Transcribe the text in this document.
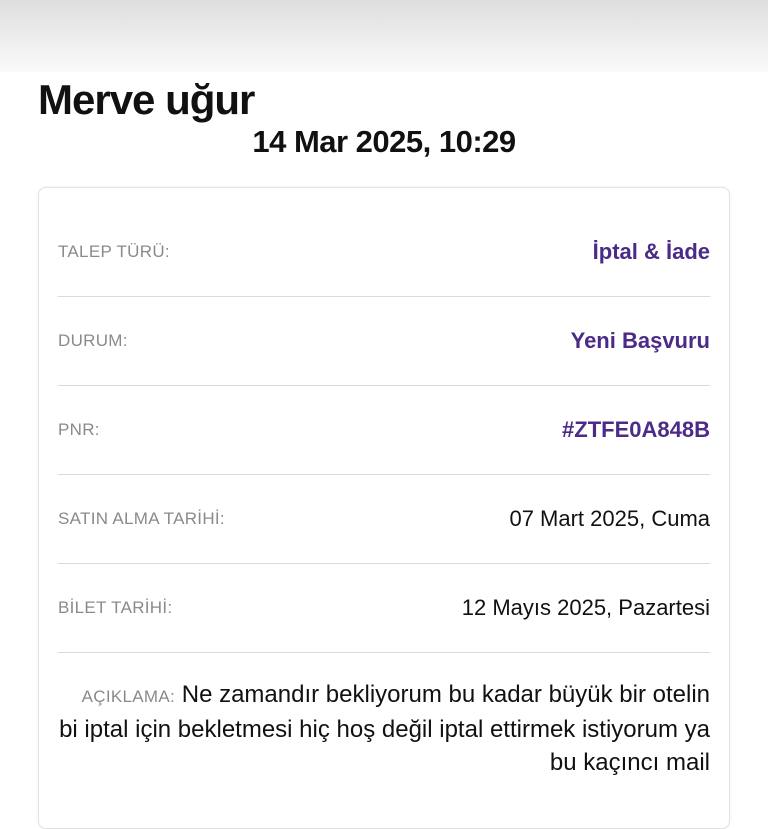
Merve uğur
14 Mar 2025, 10:29
TALEP TÜRÜ:	İptal & İade
DURUM:	Yeni Başvuru
PNR:	#ZTFE0A848B
SATIN ALMA TARİHİ:	07 Mart 2025, Cuma
BİLET TARİHİ:	12 Mayıs 2025, Pazartesi
AÇIKLAMA: Ne zamandır bekliyorum bu kadar büyük bir otelin bi iptal için bekletmesi hiç hoş değil iptal ettirmek istiyorum ya bu kaçıncı mail
